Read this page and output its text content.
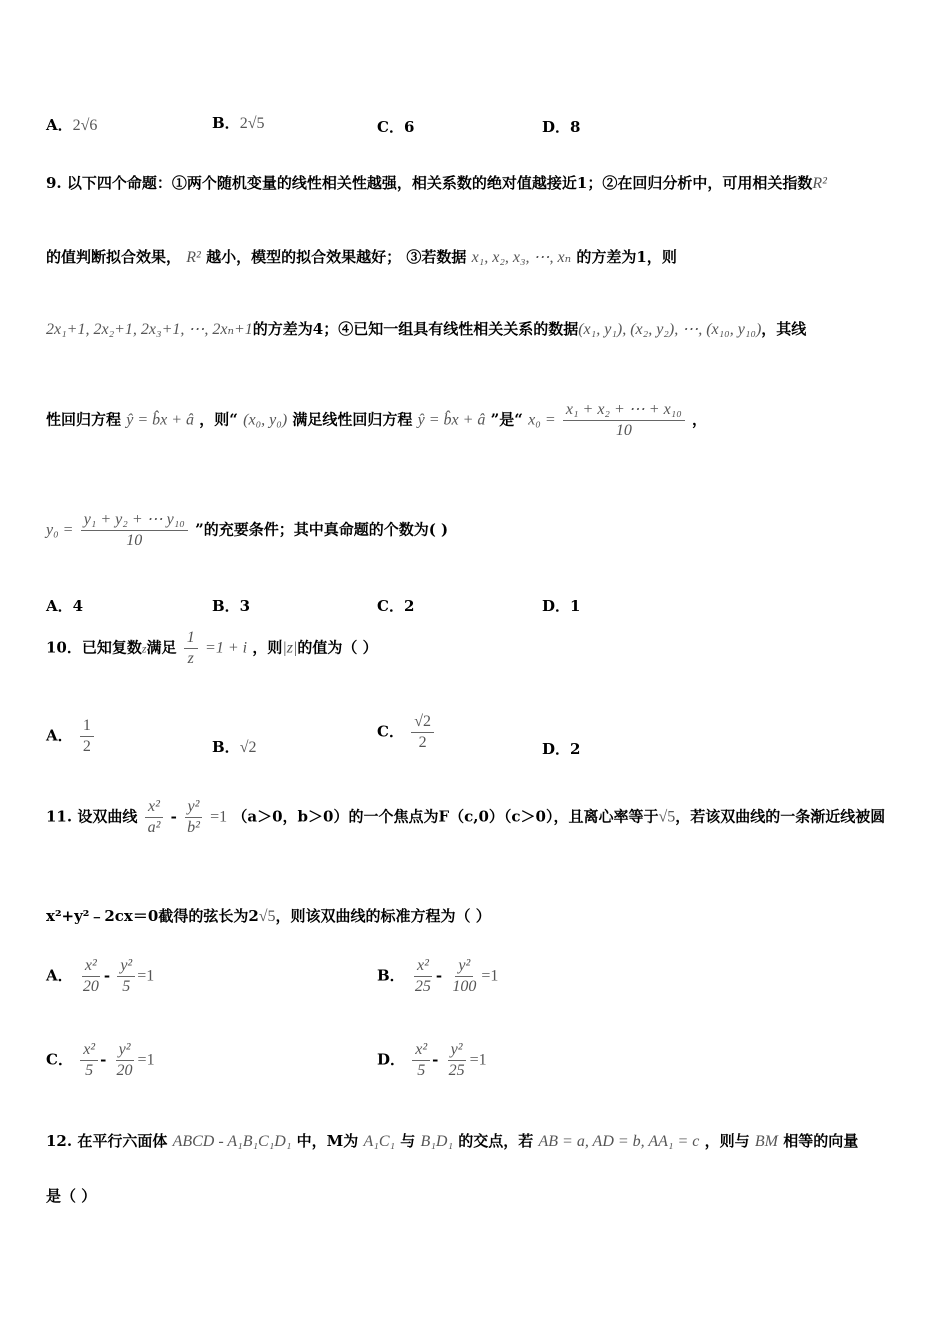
A．2√6	B．2√5	C．6	D．8
9. 以下四个命题：①两个随机变量的线性相关性越强，相关系数的绝对值越接近1；②在回归分析中，可用相关指数R²
的值判断拟合效果， R² 越小，模型的拟合效果越好； ③若数据 x₁, x₂, x₃, ⋯, xₙ 的方差为1，则
2x₁+1, 2x₂+1, 2x₃+1, ⋯, 2xₙ+1的方差为4；④已知一组具有线性相关关系的数据(x₁, y₁), (x₂, y₂), ⋯, (x₁₀, y₁₀)，其线
性回归方程 ŷ = b̂x + â ，则“ (x₀, y₀) 满足线性回归方程 ŷ = b̂x + â ”是“ $x_0 = \frac{\text{x₁ + x₂ + ⋯ + x₁₀}}{10}$ ，
$y_0 = \frac{\text{y₁ + y₂ + ⋯ y₁₀}}{10}$ ”的充要条件；其中真命题的个数为( )
A．4	B．3	C．2	D．1
10．已知复数z满足 $\frac{1}{z} =1 + i$ ，则|z|的值为（ ）
A． $\frac{1}{2}$	B．√2
C． $\frac{√2}{2}$	D．2
11. 设双曲线 $\frac{\text{x²}}{\text{a²}} - \frac{\text{y²}}{\text{b²}} =1$ （a＞0，b＞0）的一个焦点为F（c,0）（c＞0），且离心率等于√5，若该双曲线的一条渐近线被圆
x²+y²﹣2cx＝0截得的弦长为2√5，则该双曲线的标准方程为（ ）
A． $\frac{\text{x²}}{20} - \frac{\text{y²}}{5} =1$	B． $\frac{\text{x²}}{25} - \frac{\text{y²}}{100} =1$
C． $\frac{\text{x²}}{5} - \frac{\text{y²}}{20} =1$	D． $\frac{\text{x²}}{5} - \frac{\text{y²}}{25} =1$
12. 在平行六面体 ABCD - A₁B₁C₁D₁ 中，M为 A₁C₁ 与 B₁D₁ 的交点，若 AB = a, AD = b, AA₁ = c ，则与 BM 相等的向量
是（ ）
